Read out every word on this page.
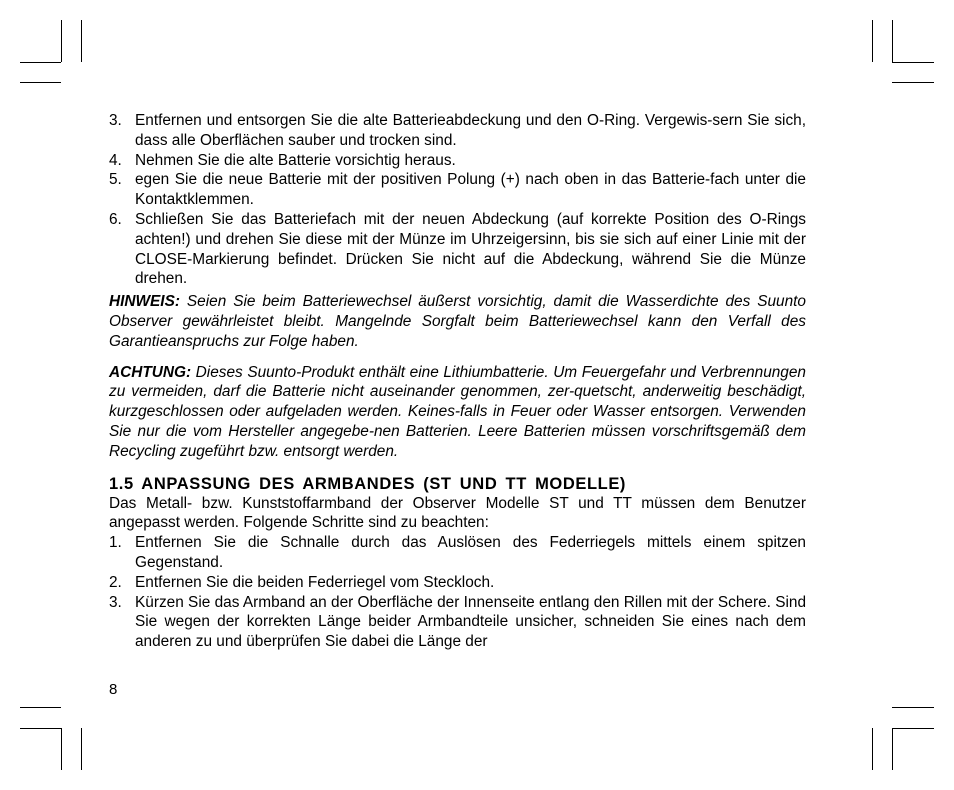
3. Entfernen und entsorgen Sie die alte Batterieabdeckung und den O-Ring. Vergewis-sern Sie sich, dass alle Oberflächen sauber und trocken sind.
4. Nehmen Sie die alte Batterie vorsichtig heraus.
5. egen Sie die neue Batterie mit der positiven Polung (+) nach oben in das Batterie-fach unter die Kontaktklemmen.
6. Schließen Sie das Batteriefach mit der neuen Abdeckung (auf korrekte Position des O-Rings achten!) und drehen Sie diese mit der Münze im Uhrzeigersinn, bis sie sich auf einer Linie mit der CLOSE-Markierung befindet. Drücken Sie nicht auf die Abdeckung, während Sie die Münze drehen.

HINWEIS: Seien Sie beim Batteriewechsel äußerst vorsichtig, damit die Wasserdichte des Suunto Observer gewährleistet bleibt. Mangelnde Sorgfalt beim Batteriewechsel kann den Verfall des Garantieanspruchs zur Folge haben.

ACHTUNG: Dieses Suunto-Produkt enthält eine Lithiumbatterie. Um Feuergefahr und Verbrennungen zu vermeiden, darf die Batterie nicht auseinander genommen, zer-quetscht, anderweitig beschädigt, kurzgeschlossen oder aufgeladen werden. Keines-falls in Feuer oder Wasser entsorgen. Verwenden Sie nur die vom Hersteller angegebe-nen Batterien. Leere Batterien müssen vorschriftsgemäß dem Recycling zugeführt bzw. entsorgt werden.

1.5 ANPASSUNG DES ARMBANDES (ST UND TT MODELLE)

Das Metall- bzw. Kunststoffarmband der Observer Modelle ST und TT müssen dem Benutzer angepasst werden. Folgende Schritte sind zu beachten:

1. Entfernen Sie die Schnalle durch das Auslösen des Federriegels mittels einem spitzen Gegenstand.
2. Entfernen Sie die beiden Federriegel vom Steckloch.
3. Kürzen Sie das Armband an der Oberfläche der Innenseite entlang den Rillen mit der Schere. Sind Sie wegen der korrekten Länge beider Armbandteile unsicher, schneiden Sie eines nach dem anderen zu und überprüfen Sie dabei die Länge der
8
